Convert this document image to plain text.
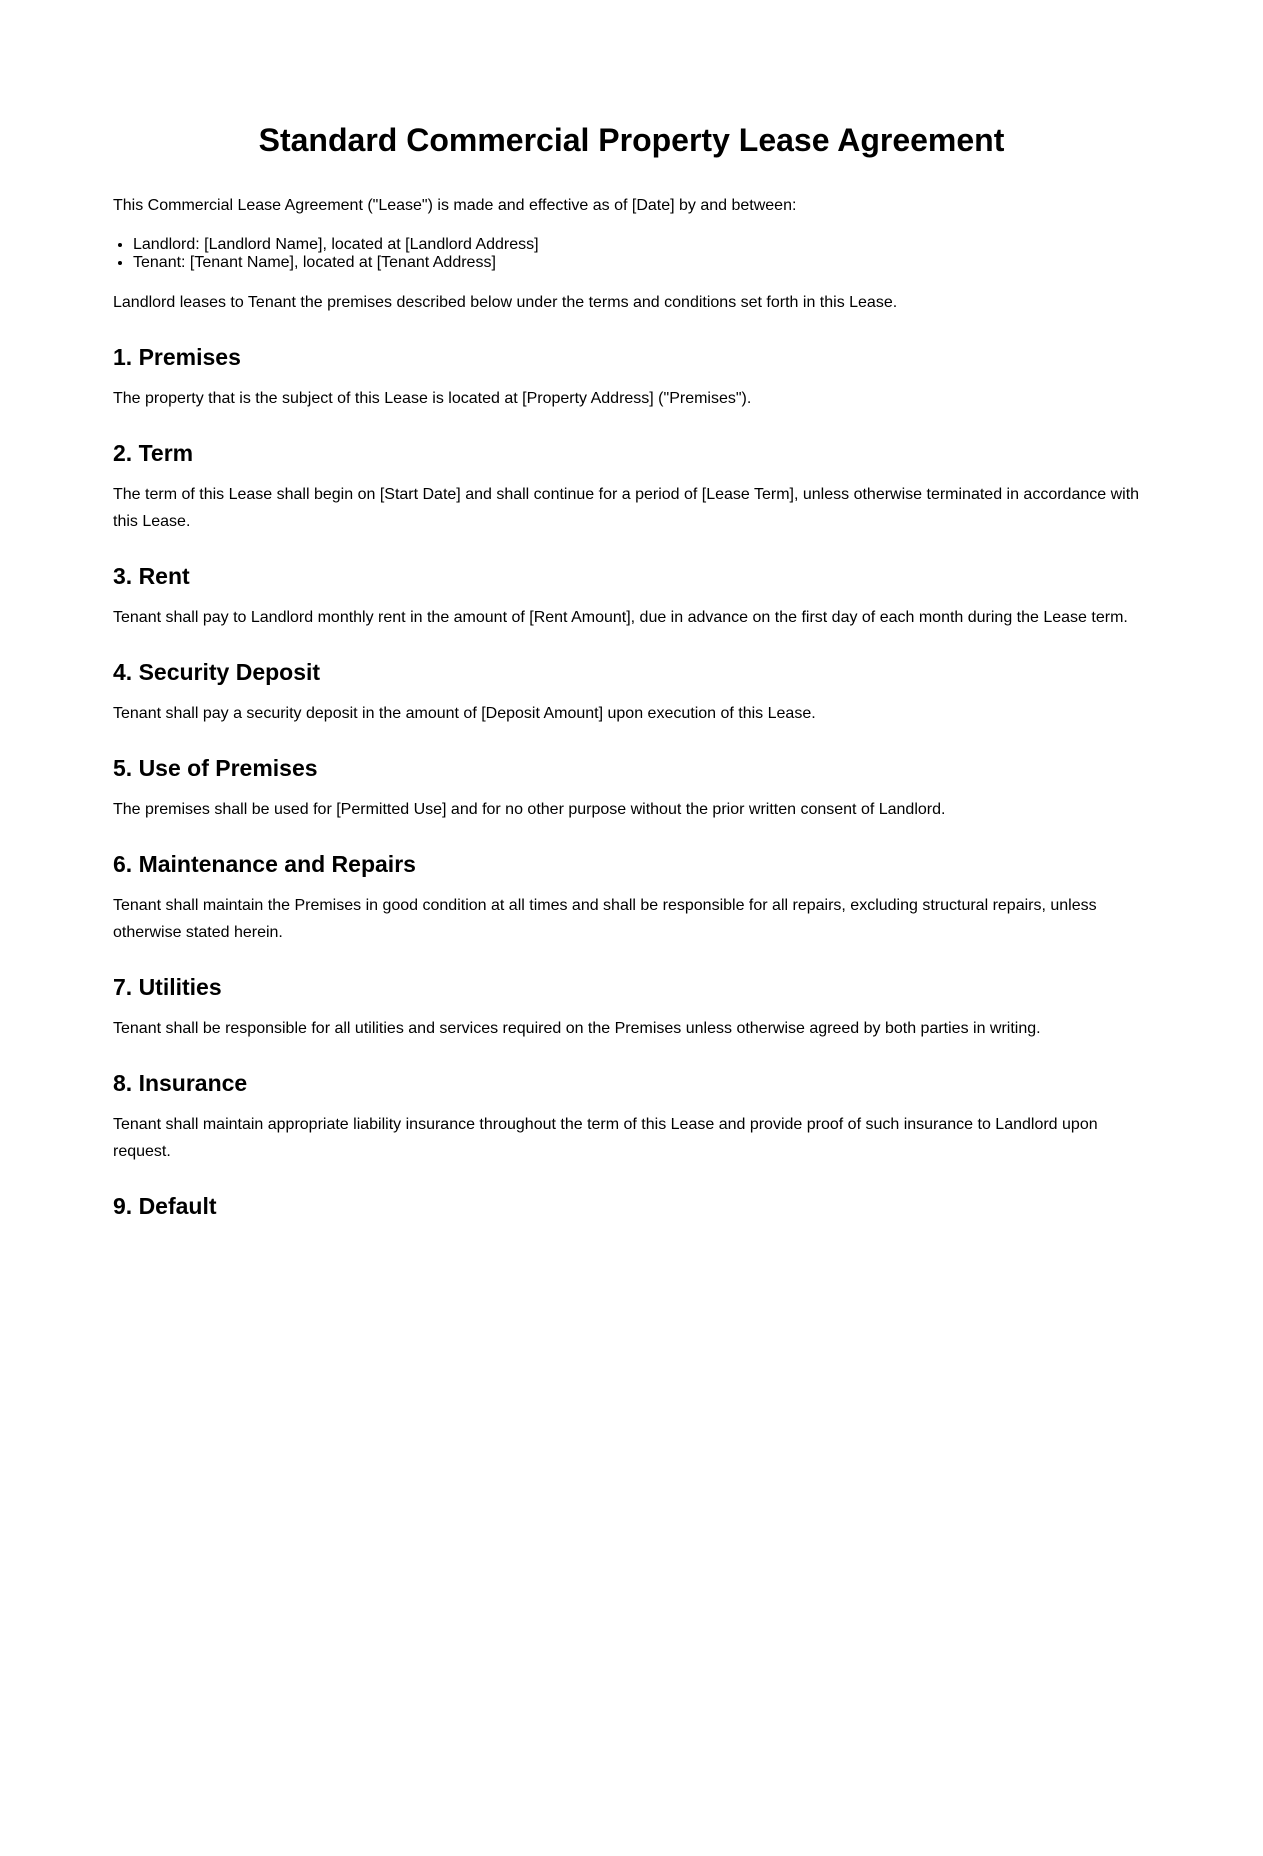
Standard Commercial Property Lease Agreement

This Commercial Lease Agreement ("Lease") is made and effective as of [Date] by and between:

• Landlord: [Landlord Name], located at [Landlord Address]
• Tenant: [Tenant Name], located at [Tenant Address]

Landlord leases to Tenant the premises described below under the terms and conditions set forth in this Lease.

1. Premises

The property that is the subject of this Lease is located at [Property Address] ("Premises").

2. Term

The term of this Lease shall begin on [Start Date] and shall continue for a period of [Lease Term], unless otherwise terminated in accordance with this Lease.

3. Rent

Tenant shall pay to Landlord monthly rent in the amount of [Rent Amount], due in advance on the first day of each month during the Lease term.

4. Security Deposit

Tenant shall pay a security deposit in the amount of [Deposit Amount] upon execution of this Lease.

5. Use of Premises

The premises shall be used for [Permitted Use] and for no other purpose without the prior written consent of Landlord.

6. Maintenance and Repairs

Tenant shall maintain the Premises in good condition at all times and shall be responsible for all repairs, excluding structural repairs, unless otherwise stated herein.

7. Utilities

Tenant shall be responsible for all utilities and services required on the Premises unless otherwise agreed by both parties in writing.

8. Insurance

Tenant shall maintain appropriate liability insurance throughout the term of this Lease and provide proof of such insurance to Landlord upon request.

9. Default
